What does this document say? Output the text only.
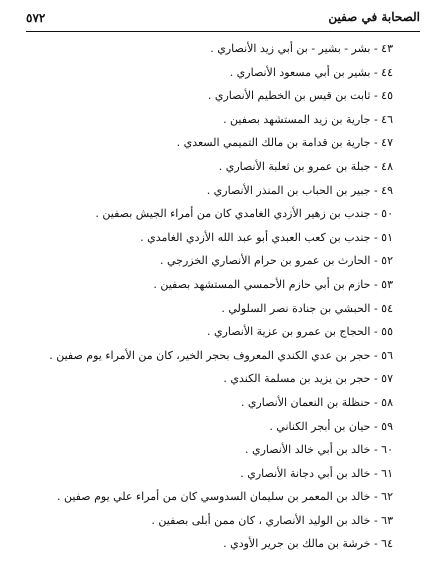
الصحابة في صفين
٥٧٢
٤٣ - بشر - بشير - بن أبي زيد الأنصاري .
٤٤ - بشير بن أبي مسعود الأنصاري .
٤٥ - ثابت بن قيس بن الخطيم الأنصاري .
٤٦ - جارية بن زيد المستشهد بصفين .
٤٧ - جارية بن قدامة بن مالك التميمي السعدي .
٤٨ - جبلة بن عمرو بن ثعلبة الأنصاري .
٤٩ - جبير بن الحباب بن المنذر الأنصاري .
٥٠ - جندب بن زهير الأزدي الغامدي كان من أمراء الجيش بصفين .
٥١ - جندب بن كعب العبدي أبو عبد الله الأزدي الغامدي .
٥٢ - الحارث بن عمرو بن حرام الأنصاري الخزرجي .
٥٣ - حازم بن أبي حازم الأحمسي المستشهد بصفين .
٥٤ - الحبشي بن جنادة نصر السلولي .
٥٥ - الحجاج بن عمرو بن عزية الأنصاري .
٥٦ - حجر بن عدي الكندي المعروف بحجر الخير، كان من الأمراء يوم صفين .
٥٧ - حجر بن يزيد بن مسلمة الكندي .
٥٨ - حنظلة بن النعمان الأنصاري .
٥٩ - حيان بن أبجر الكناني .
٦٠ - خالد بن أبي خالد الأنصاري .
٦١ - خالد بن أبي دجانة الأنصاري .
٦٢ - خالد بن المعمر بن سليمان السدوسي كان من أمراء علي يوم صفين .
٦٣ - خالد بن الوليد الأنصاري ، كان ممن أبلى بصفين .
٦٤ - خرشة بن مالك بن جرير الأودي .
